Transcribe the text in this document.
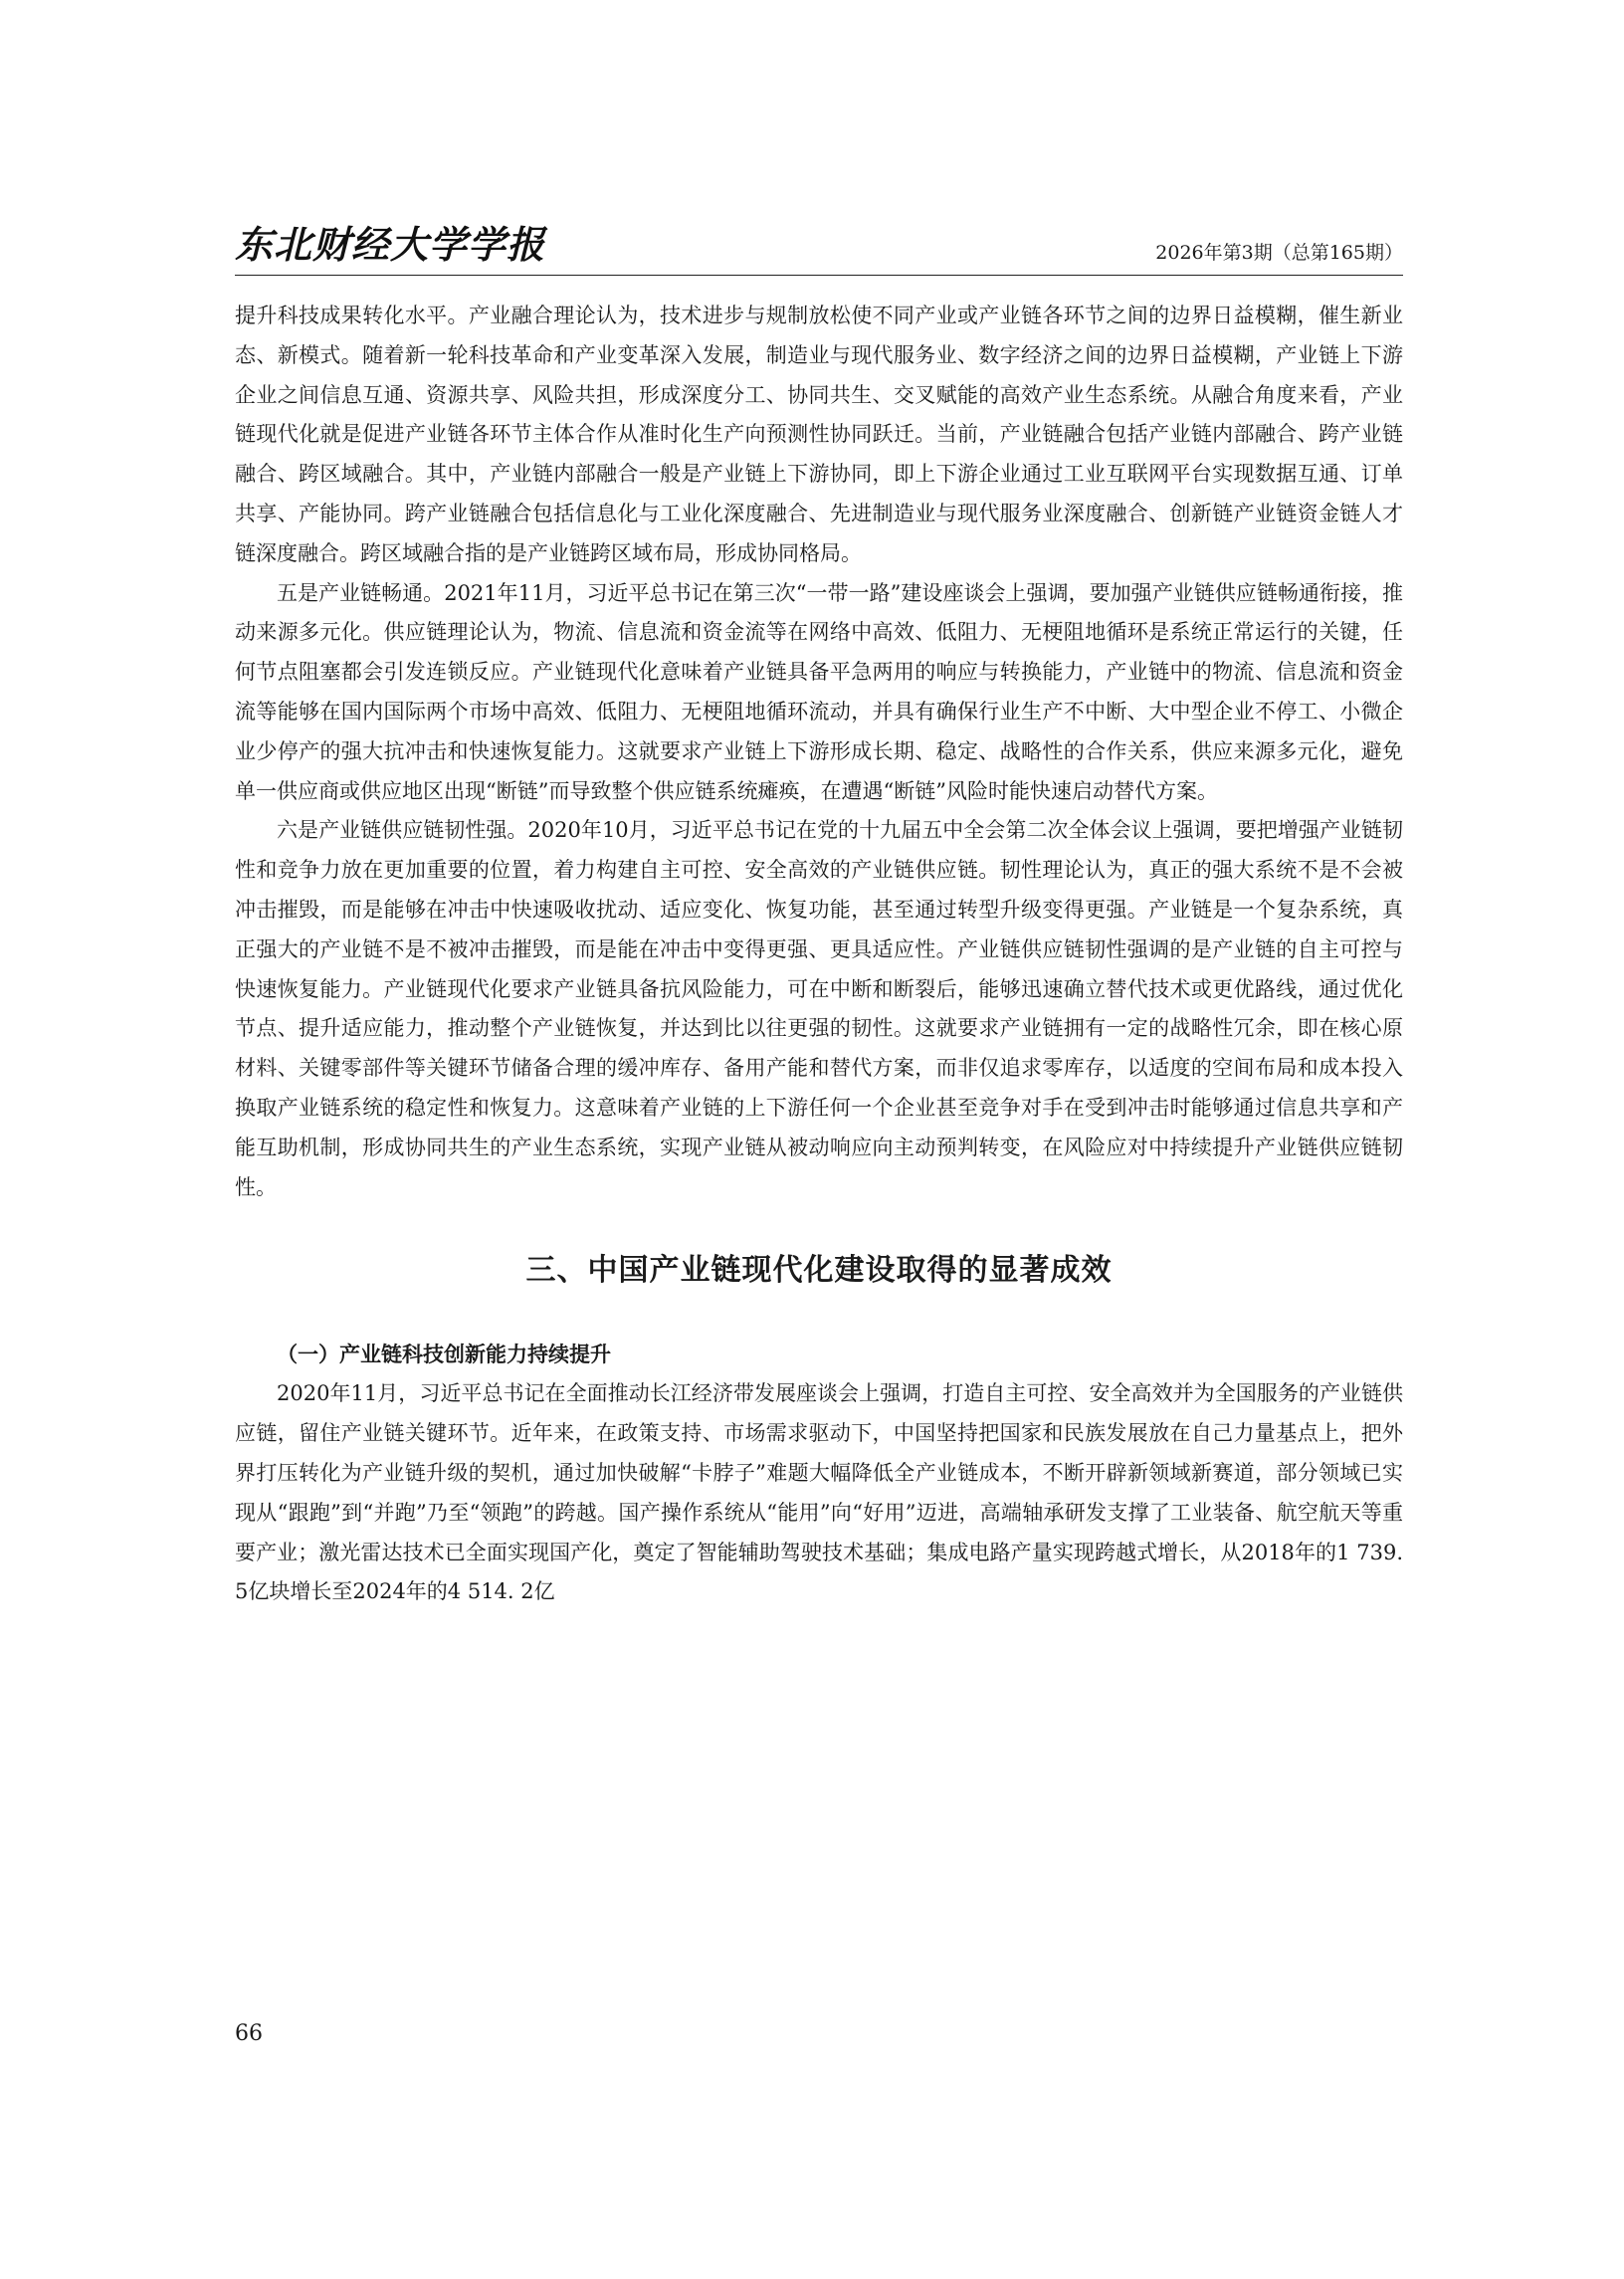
东北财经大学学报	2026年第3期（总第165期）

提升科技成果转化水平。产业融合理论认为，技术进步与规制放松使不同产业或产业链各环节之间的边界日益模糊，催生新业态、新模式。随着新一轮科技革命和产业变革深入发展，制造业与现代服务业、数字经济之间的边界日益模糊，产业链上下游企业之间信息互通、资源共享、风险共担，形成深度分工、协同共生、交叉赋能的高效产业生态系统。从融合角度来看，产业链现代化就是促进产业链各环节主体合作从准时化生产向预测性协同跃迁。当前，产业链融合包括产业链内部融合、跨产业链融合、跨区域融合。其中，产业链内部融合一般是产业链上下游协同，即上下游企业通过工业互联网平台实现数据互通、订单共享、产能协同。跨产业链融合包括信息化与工业化深度融合、先进制造业与现代服务业深度融合、创新链产业链资金链人才链深度融合。跨区域融合指的是产业链跨区域布局，形成协同格局。

五是产业链畅通。2021年11月，习近平总书记在第三次“一带一路”建设座谈会上强调，要加强产业链供应链畅通衔接，推动来源多元化。供应链理论认为，物流、信息流和资金流等在网络中高效、低阻力、无梗阻地循环是系统正常运行的关键，任何节点阻塞都会引发连锁反应。产业链现代化意味着产业链具备平急两用的响应与转换能力，产业链中的物流、信息流和资金流等能够在国内国际两个市场中高效、低阻力、无梗阻地循环流动，并具有确保行业生产不中断、大中型企业不停工、小微企业少停产的强大抗冲击和快速恢复能力。这就要求产业链上下游形成长期、稳定、战略性的合作关系，供应来源多元化，避免单一供应商或供应地区出现“断链”而导致整个供应链系统瘫痪，在遭遇“断链”风险时能快速启动替代方案。

六是产业链供应链韧性强。2020年10月，习近平总书记在党的十九届五中全会第二次全体会议上强调，要把增强产业链韧性和竞争力放在更加重要的位置，着力构建自主可控、安全高效的产业链供应链。韧性理论认为，真正的强大系统不是不会被冲击摧毁，而是能够在冲击中快速吸收扰动、适应变化、恢复功能，甚至通过转型升级变得更强。产业链是一个复杂系统，真正强大的产业链不是不被冲击摧毁，而是能在冲击中变得更强、更具适应性。产业链供应链韧性强调的是产业链的自主可控与快速恢复能力。产业链现代化要求产业链具备抗风险能力，可在中断和断裂后，能够迅速确立替代技术或更优路线，通过优化节点、提升适应能力，推动整个产业链恢复，并达到比以往更强的韧性。这就要求产业链拥有一定的战略性冗余，即在核心原材料、关键零部件等关键环节储备合理的缓冲库存、备用产能和替代方案，而非仅追求零库存，以适度的空间布局和成本投入换取产业链系统的稳定性和恢复力。这意味着产业链的上下游任何一个企业甚至竞争对手在受到冲击时能够通过信息共享和产能互助机制，形成协同共生的产业生态系统，实现产业链从被动响应向主动预判转变，在风险应对中持续提升产业链供应链韧性。

三、中国产业链现代化建设取得的显著成效
（一）产业链科技创新能力持续提升

2020年11月，习近平总书记在全面推动长江经济带发展座谈会上强调，打造自主可控、安全高效并为全国服务的产业链供应链，留住产业链关键环节。近年来，在政策支持、市场需求驱动下，中国坚持把国家和民族发展放在自己力量基点上，把外界打压转化为产业链升级的契机，通过加快破解“卡脖子”难题大幅降低全产业链成本，不断开辟新领域新赛道，部分领域已实现从“跟跑”到“并跑”乃至“领跑”的跨越。国产操作系统从“能用”向“好用”迈进，高端轴承研发支撑了工业装备、航空航天等重要产业；激光雷达技术已全面实现国产化，奠定了智能辅助驾驶技术基础；集成电路产量实现跨越式增长，从2018年的1 739. 5亿块增长至2024年的4 514. 2亿

66
